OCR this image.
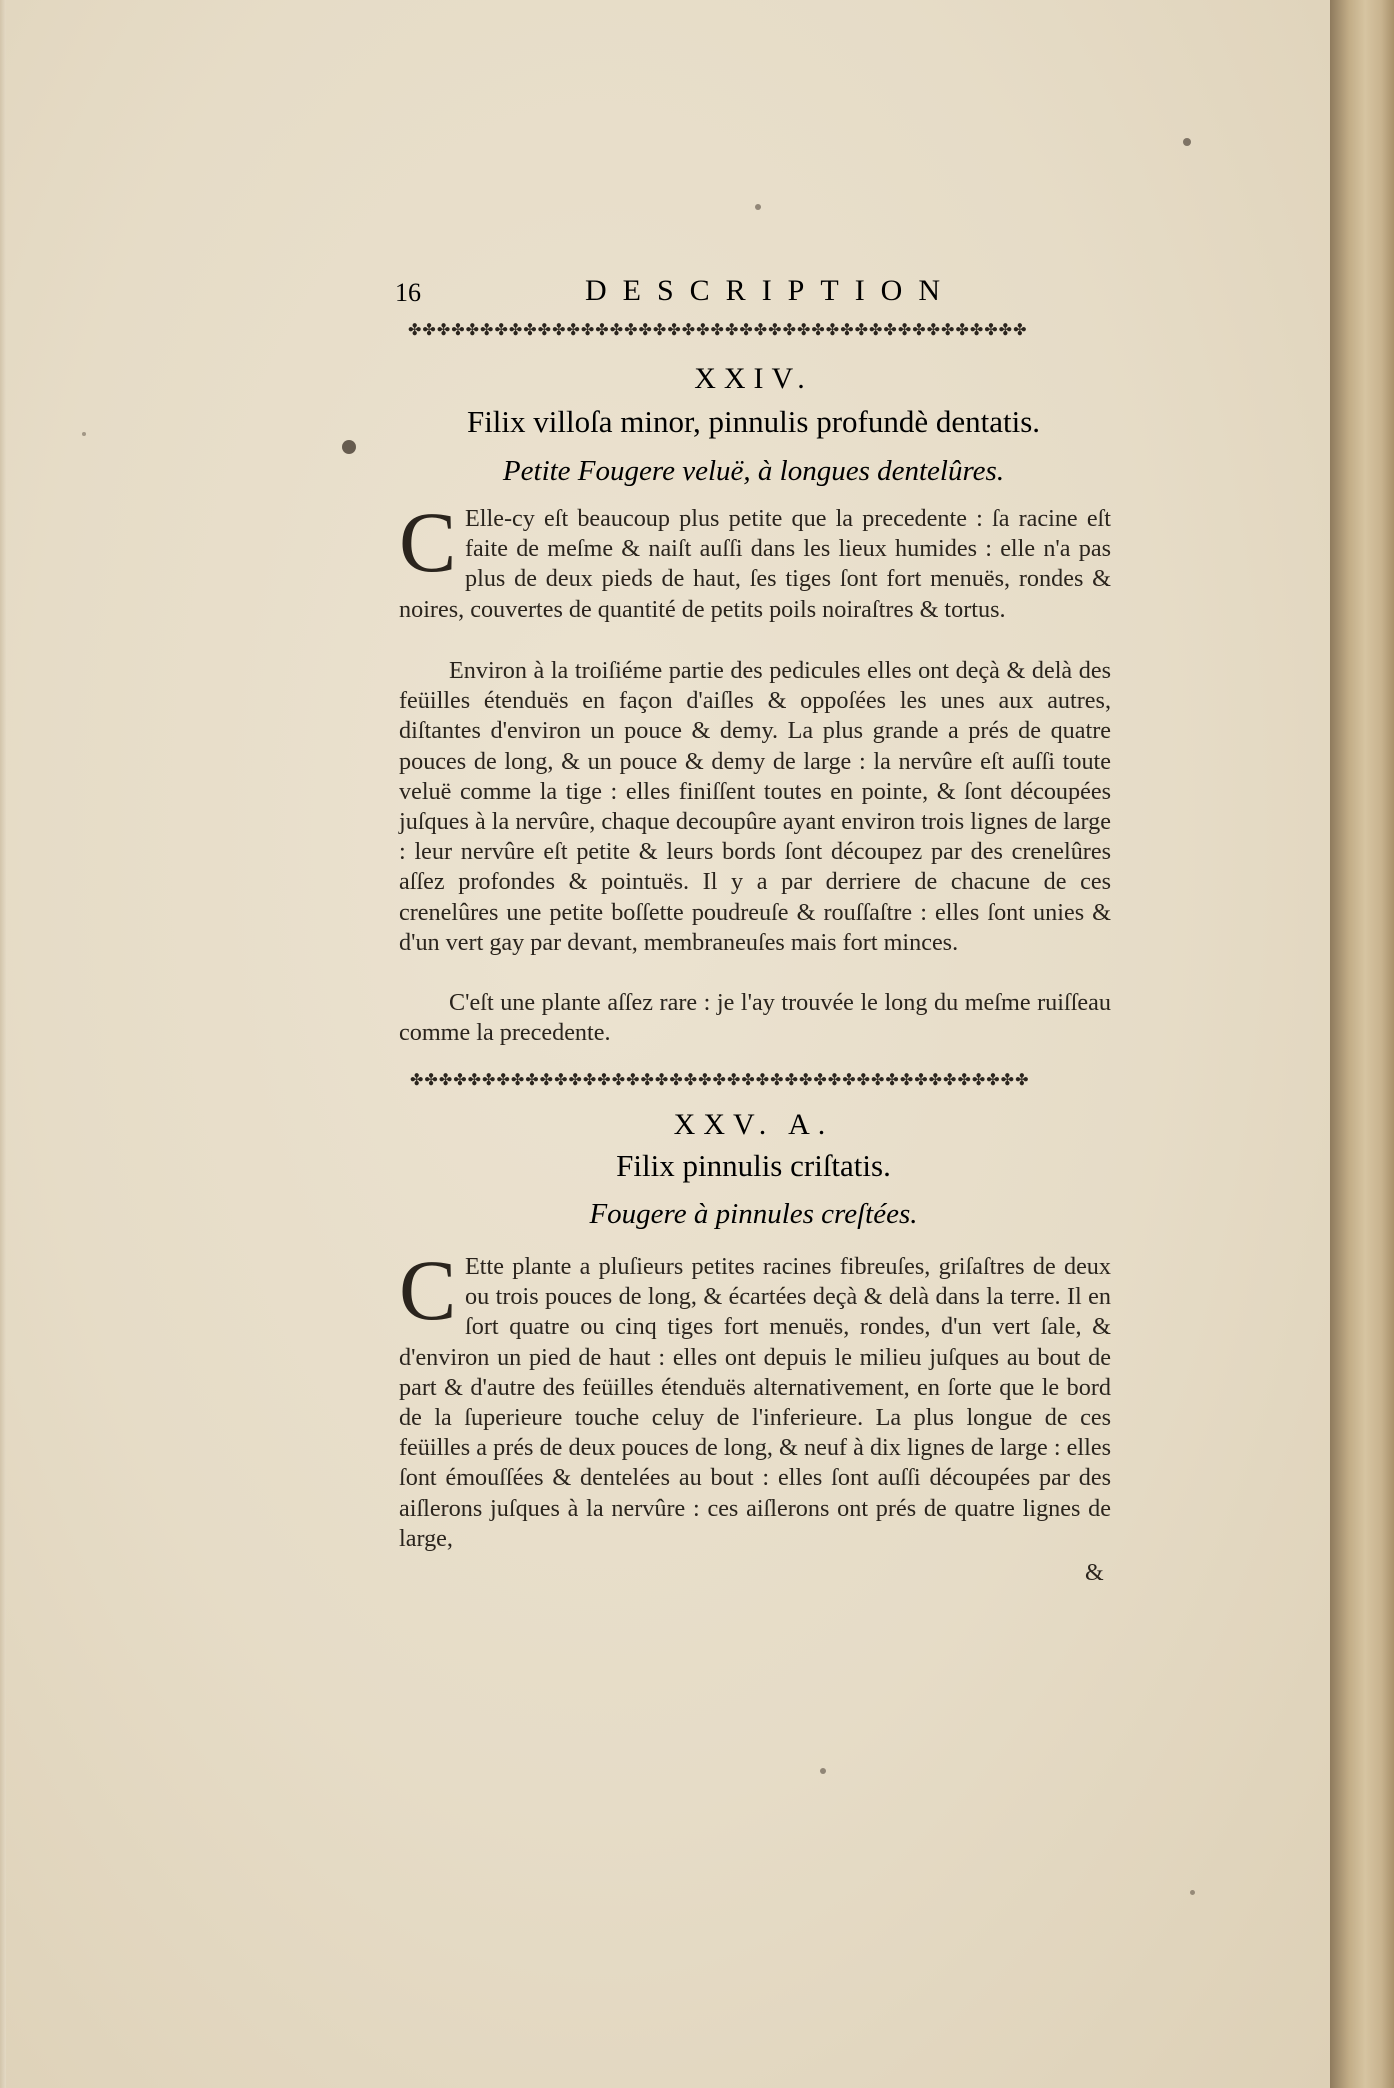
16	DESCRIPTION
✤✤✤✤✤✤✤✤✤✤✤✤✤✤✤✤✤✤✤✤✤✤✤✤✤✤✤✤✤✤✤✤✤✤✤✤✤✤✤✤✤✤✤
XXIV.
Filix villoſa minor, pinnulis profundè dentatis.
Petite Fougere veluë, à longues dentelûres.
C Elle-cy eſt beaucoup plus petite que la precedente : ſa racine eſt faite de meſme & naiſt auſſi dans les lieux humides : elle n'a pas plus de deux pieds de haut, ſes tiges ſont fort menuës, rondes & noires, couvertes de quantité de petits poils noiraſtres & tortus.
Environ à la troiſiéme partie des pedicules elles ont deçà & delà des feüilles étenduës en façon d'aiſles & oppoſées les unes aux autres, diſtantes d'environ un pouce & demy. La plus grande a prés de quatre pouces de long, & un pouce & demy de large : la nervûre eſt auſſi toute veluë comme la tige : elles finiſſent toutes en pointe, & ſont découpées juſques à la nervûre, chaque decoupûre ayant environ trois lignes de large : leur nervûre eſt petite & leurs bords ſont découpez par des crenelûres aſſez profondes & pointuës. Il y a par derriere de chacune de ces crenelûres une petite boſſette poudreuſe & rouſſaſtre : elles ſont unies & d'un vert gay par devant, membraneuſes mais fort minces.
C'eſt une plante aſſez rare : je l'ay trouvée le long du meſme ruiſſeau comme la precedente.
✤✤✤✤✤✤✤✤✤✤✤✤✤✤✤✤✤✤✤✤✤✤✤✤✤✤✤✤✤✤✤✤✤✤✤✤✤✤✤✤✤✤✤
XXV. A.
Filix pinnulis criſtatis.
Fougere à pinnules creſtées.
C Ette plante a pluſieurs petites racines fibreuſes, griſaſtres de deux ou trois pouces de long, & écartées deçà & delà dans la terre. Il en ſort quatre ou cinq tiges fort menuës, rondes, d'un vert ſale, & d'environ un pied de haut : elles ont depuis le milieu juſques au bout de part & d'autre des feüilles étenduës alternativement, en ſorte que le bord de la ſuperieure touche celuy de l'inferieure. La plus longue de ces feüilles a prés de deux pouces de long, & neuf à dix lignes de large : elles ſont émouſſées & dentelées au bout : elles ſont auſſi découpées par des aiſlerons juſques à la nervûre : ces aiſlerons ont prés de quatre lignes de large,
&
